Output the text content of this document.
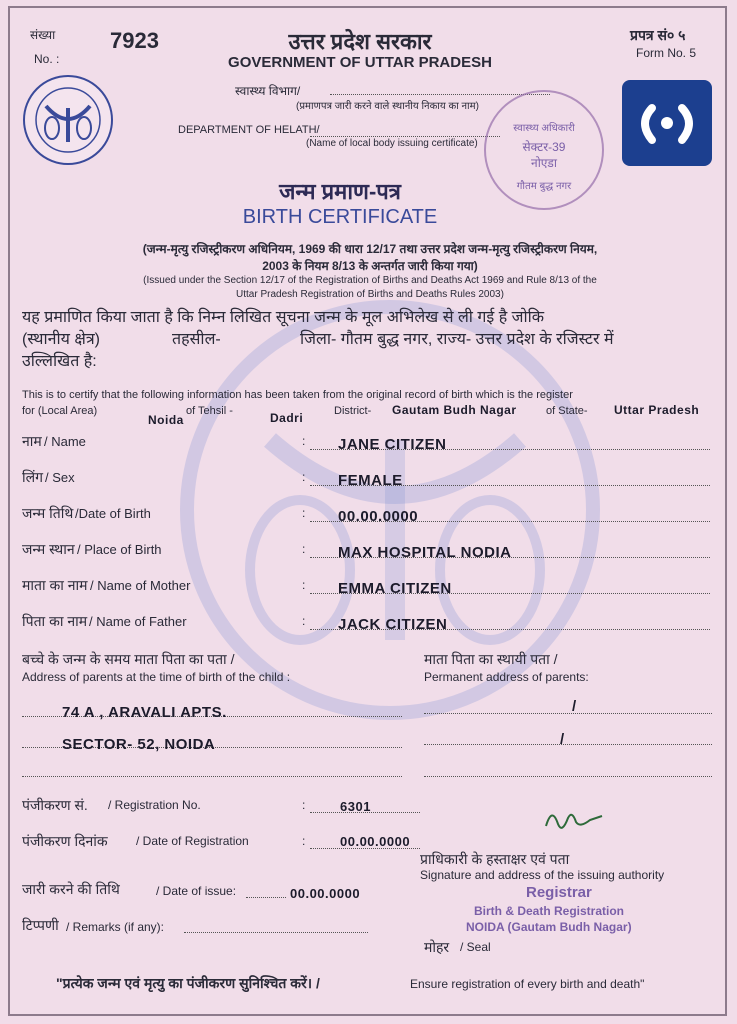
संख्या
No. :
7923	उत्तर प्रदेश सरकार
GOVERNMENT OF UTTAR PRADESH
स्वास्थ्य विभाग/
(प्रमाणपत्र जारी करने वाले स्थानीय निकाय का नाम)
DEPARTMENT OF HELATH/
(Name of local body issuing certificate)
प्रपत्र सं० ५
Form No. 5
स्वास्थ्य अधिकारी
सेक्टर-39
नोएडा
गौतम बुद्ध नगर
जन्म प्रमाण-पत्र
BIRTH CERTIFICATE
(जन्म-मृत्यु रजिस्ट्रीकरण अधिनियम, 1969 की धारा 12/17 तथा उत्तर प्रदेश जन्म-मृत्यु रजिस्ट्रीकरण नियम,
2003 के नियम 8/13 के अन्तर्गत जारी किया गया)
(Issued under the Section 12/17 of the Registration of Births and Deaths Act 1969 and Rule 8/13 of the
Uttar Pradesh Registration of Births and Deaths Rules 2003)
यह प्रमाणित किया जाता है कि निम्न लिखित सूचना जन्म के मूल अभिलेख से ली गई है जोकि
(स्थानीय क्षेत्र)	तहसील-	जिला- गौतम बुद्ध नगर, राज्य- उत्तर प्रदेश के रजिस्टर में
उल्लिखित है:
This is to certify that the following information has been taken from the original record of birth which is the register
for (Local Area)
Noida
of Tehsil -	Dadri	District- Gautam Budh Nagar	of State- Uttar Pradesh
नाम / Name	: JANE CITIZEN
लिंग / Sex	: FEMALE
जन्म तिथि /Date of Birth	: 00.00.0000
जन्म स्थान / Place of Birth	: MAX HOSPITAL NODIA
माता का नाम / Name of Mother	: EMMA CITIZEN
पिता का नाम / Name of Father	: JACK CITIZEN
बच्चे के जन्म के समय माता पिता का पता /
Address of parents at the time of birth of the child :
माता पिता का स्थायी पता /
Permanent address of parents:
74 A , ARAVALI APTS.
SECTOR- 52, NOIDA
/
/
पंजीकरण सं. / Registration No.	:	6301
पंजीकरण दिनांक / Date of Registration	:	00.00.0000
जारी करने की तिथि	/ Date of issue:	00.00.0000
टिप्पणी / Remarks (if any):
प्राधिकारी के हस्ताक्षर एवं पता
Signature and address of the issuing authority
Registrar
Birth & Death Registration
NOIDA (Gautam Budh Nagar)
मोहर / Seal
"प्रत्येक जन्म एवं मृत्यु का पंजीकरण सुनिश्चित करें। /	Ensure registration of every birth and death"
